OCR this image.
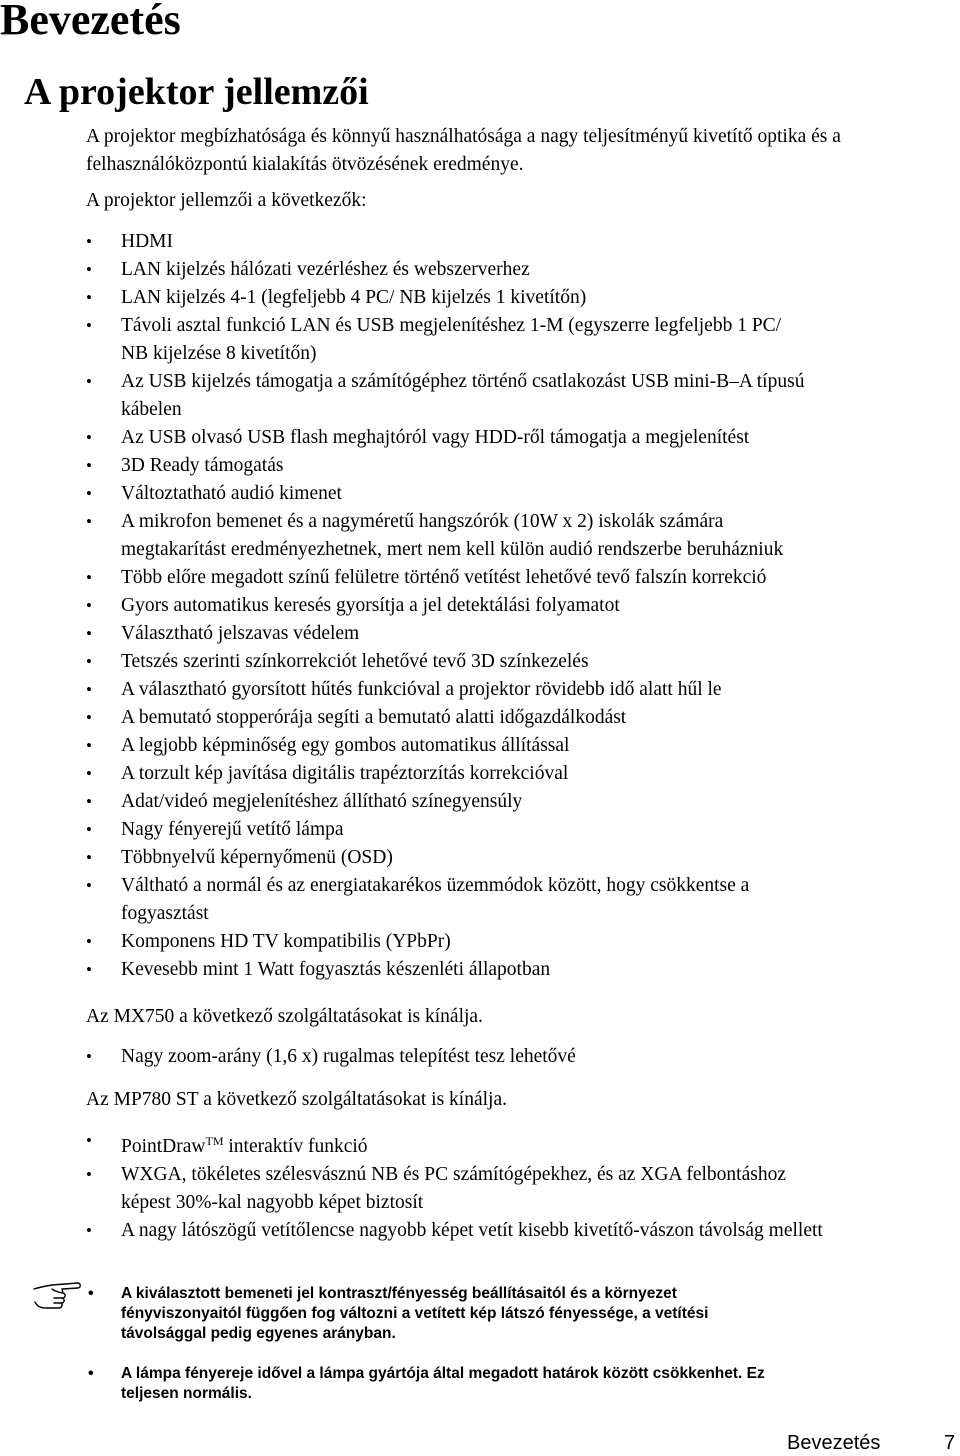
Bevezetés
A projektor jellemzői

A projektor megbízhatósága és könnyű használhatósága a nagy teljesítményű kivetítő optika és a felhasználóközpontú kialakítás ötvözésének eredménye.

A projektor jellemzői a következők:

• HDMI
• LAN kijelzés hálózati vezérléshez és webszerverhez
• LAN kijelzés 4-1 (legfeljebb 4 PC/ NB kijelzés 1 kivetítőn)
• Távoli asztal funkció LAN és USB megjelenítéshez 1-M (egyszerre legfeljebb 1 PC/
NB kijelzése 8 kivetítőn)
• Az USB kijelzés támogatja a számítógéphez történő csatlakozást USB mini-B–A típusú
kábelen
• Az USB olvasó USB flash meghajtóról vagy HDD-ről támogatja a megjelenítést
• 3D Ready támogatás
• Változtatható audió kimenet
• A mikrofon bemenet és a nagyméretű hangszórók (10W x 2) iskolák számára
megtakarítást eredményezhetnek, mert nem kell külön audió rendszerbe beruházniuk
• Több előre megadott színű felületre történő vetítést lehetővé tevő falszín korrekció
• Gyors automatikus keresés gyorsítja a jel detektálási folyamatot
• Választható jelszavas védelem
• Tetszés szerinti színkorrekciót lehetővé tevő 3D színkezelés
• A választható gyorsított hűtés funkcióval a projektor rövidebb idő alatt hűl le
• A bemutató stopperórája segíti a bemutató alatti időgazdálkodást
• A legjobb képminőség egy gombos automatikus állítással
• A torzult kép javítása digitális trapéztorzítás korrekcióval
• Adat/videó megjelenítéshez állítható színegyensúly
• Nagy fényerejű vetítő lámpa
• Többnyelvű képernyőmenü (OSD)
• Váltható a normál és az energiatakarékos üzemmódok között, hogy csökkentse a
fogyasztást
• Komponens HD TV kompatibilis (YPbPr)
• Kevesebb mint 1 Watt fogyasztás készenléti állapotban

Az MX750 a következő szolgáltatásokat is kínálja.

• Nagy zoom-arány (1,6 x) rugalmas telepítést tesz lehetővé

Az MP780 ST a következő szolgáltatásokat is kínálja.

• PointDraw™ interaktív funkció
• WXGA, tökéletes szélesvásznú NB és PC számítógépekhez, és az XGA felbontáshoz
képest 30%-kal nagyobb képet biztosít
• A nagy látószögű vetítőlencse nagyobb képet vetít kisebb kivetítő-vászon távolság mellett
• A kiválasztott bemeneti jel kontraszt/fényesség beállításaitól és a környezet
fényviszonyaitól függően fog változni a vetített kép látszó fényessége, a vetítési
távolsággal pedig egyenes arányban.
• A lámpa fényereje idővel a lámpa gyártója által megadott határok között csökkenhet. Ez
teljesen normális.
Bevezetés	7
